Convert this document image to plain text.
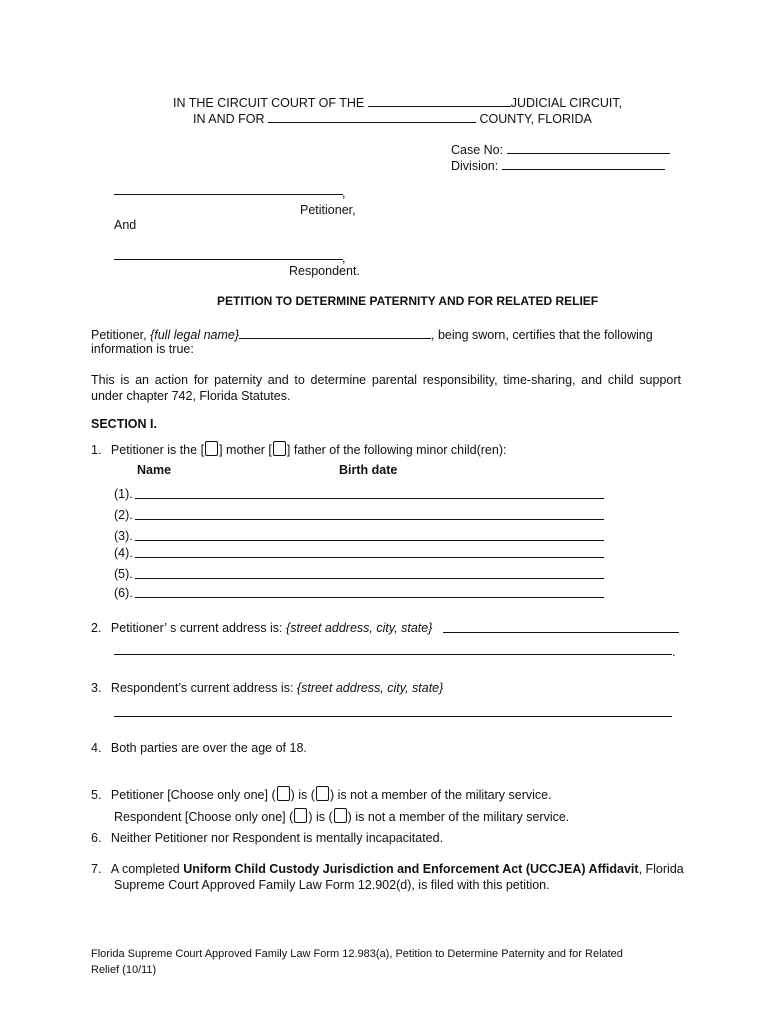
IN THE CIRCUIT COURT OF THE	JUDICIAL CIRCUIT,
IN AND FOR	COUNTY, FLORIDA
Case No:
Division:
,
Petitioner,
And
,
Respondent.
PETITION TO DETERMINE PATERNITY AND FOR RELATED RELIEF
Petitioner, {full legal name}	, being sworn, certifies that the following
information is true:
This is an action for paternity and to determine parental responsibility, time-sharing, and child support under chapter 742, Florida Statutes.
SECTION I.
1. Petitioner is the [ ] mother [ ] father of the following minor child(ren):
Name	Birth date
(1).
(2).
(3).
(4).
(5).
(6).
2. Petitioner’ s current address is: {street address, city, state}
.
3. Respondent’s current address is: {street address, city, state}
4. Both parties are over the age of 18.
5. Petitioner [Choose only one] ( ) is ( ) is not a member of the military service.
Respondent [Choose only one] ( ) is ( ) is not a member of the military service.
6. Neither Petitioner nor Respondent is mentally incapacitated.
7. A completed Uniform Child Custody Jurisdiction and Enforcement Act (UCCJEA) Affidavit, Florida
Supreme Court Approved Family Law Form 12.902(d), is filed with this petition.
Florida Supreme Court Approved Family Law Form 12.983(a), Petition to Determine Paternity and for Related
Relief (10/11)
